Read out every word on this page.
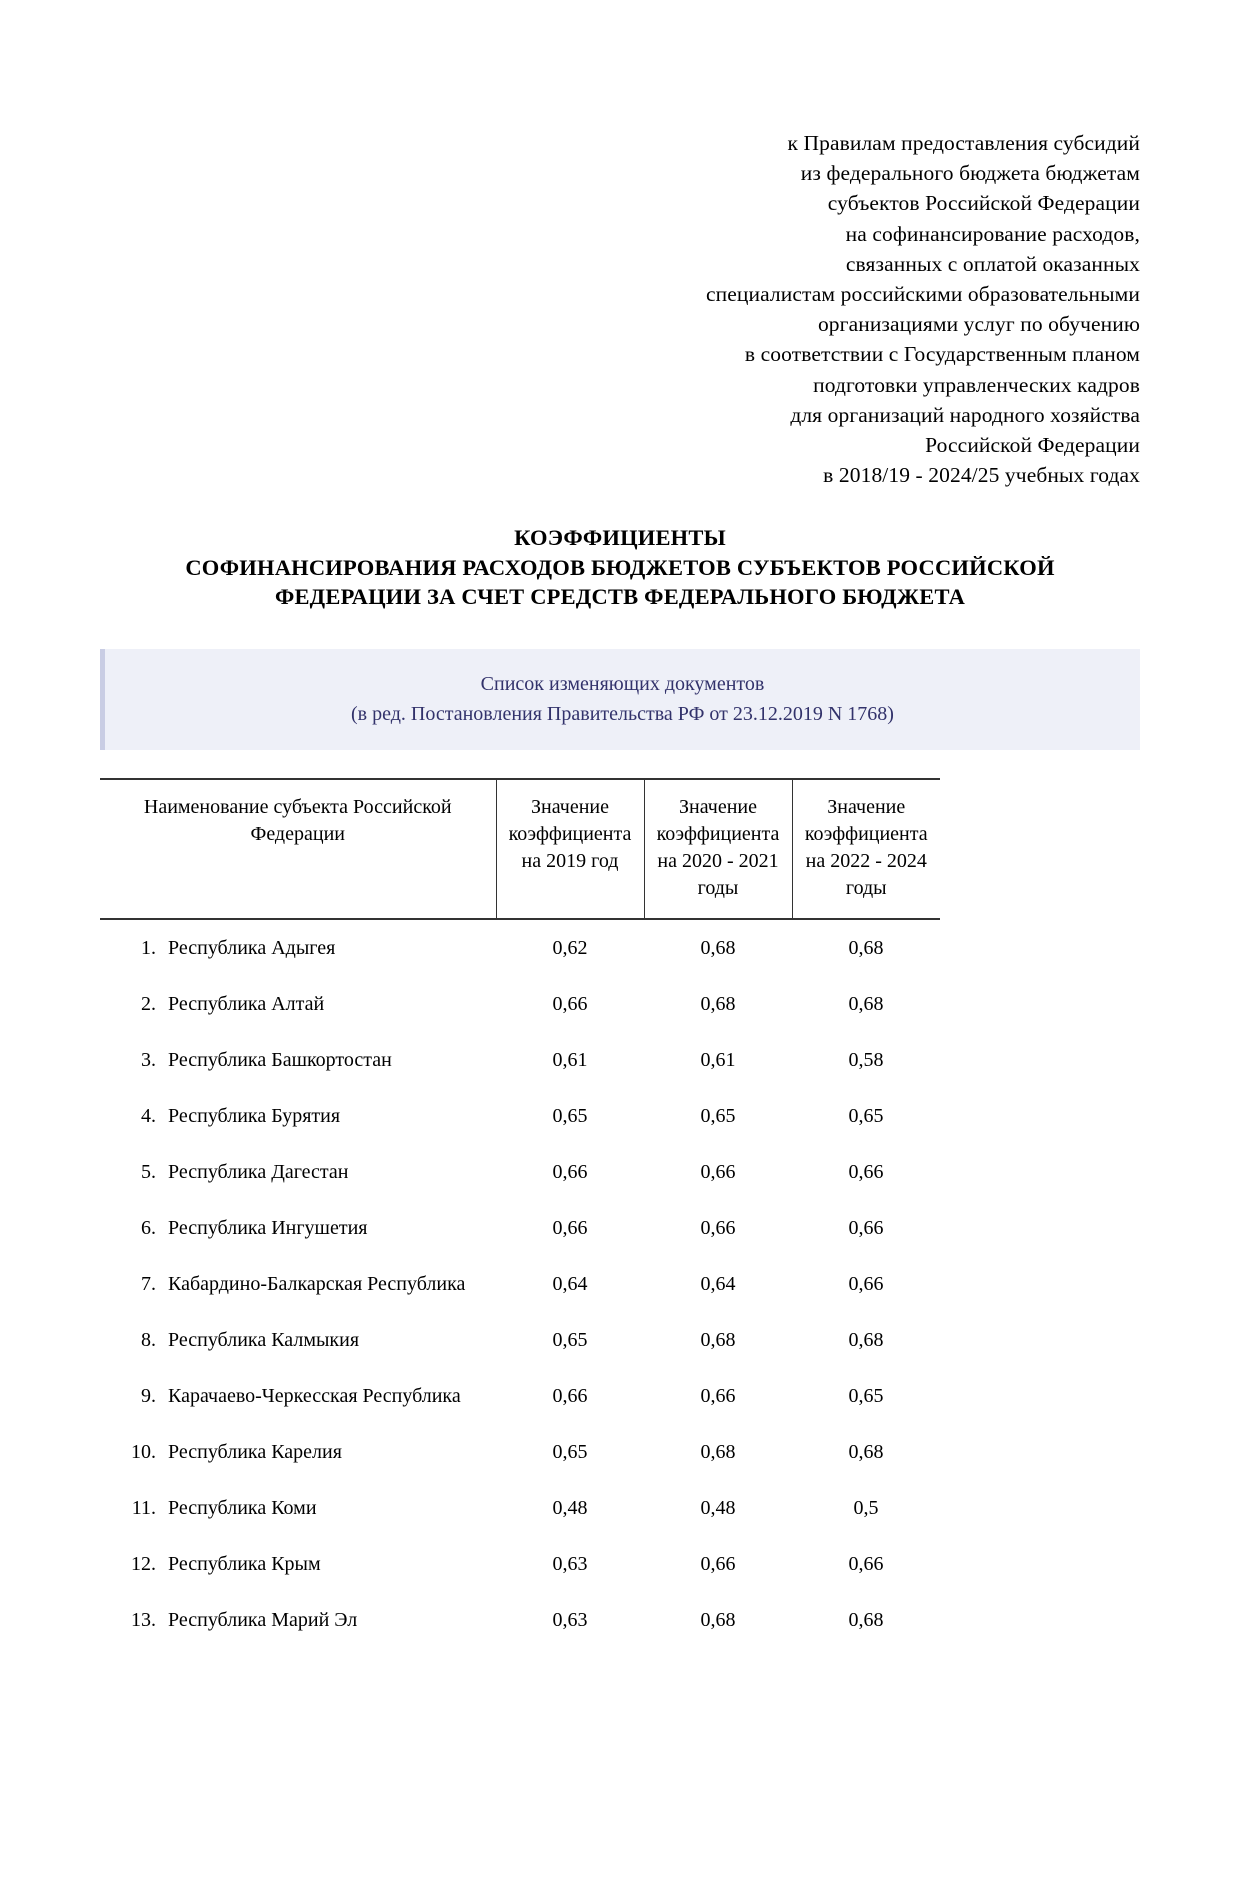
к Правилам предоставления субсидий
из федерального бюджета бюджетам
субъектов Российской Федерации
на софинансирование расходов,
связанных с оплатой оказанных
специалистам российскими образовательными
организациями услуг по обучению
в соответствии с Государственным планом
подготовки управленческих кадров
для организаций народного хозяйства
Российской Федерации
в 2018/19 - 2024/25 учебных годах
КОЭФФИЦИЕНТЫ
СОФИНАНСИРОВАНИЯ РАСХОДОВ БЮДЖЕТОВ СУБЪЕКТОВ РОССИЙСКОЙ
ФЕДЕРАЦИИ ЗА СЧЕТ СРЕДСТВ ФЕДЕРАЛЬНОГО БЮДЖЕТА
Список изменяющих документов
(в ред. Постановления Правительства РФ от 23.12.2019 N 1768)
Наименование субъекта Российской Федерации	Значение коэффициента на 2019 год	Значение коэффициента на 2020 - 2021 годы	Значение коэффициента на 2022 - 2024 годы

1. Республика Адыгея	0,62	0,68	0,68

2. Республика Алтай	0,66	0,68	0,68

3. Республика Башкортостан	0,61	0,61	0,58

4. Республика Бурятия	0,65	0,65	0,65

5. Республика Дагестан	0,66	0,66	0,66

6. Республика Ингушетия	0,66	0,66	0,66

7. Кабардино-Балкарская Республика	0,64	0,64	0,66

8. Республика Калмыкия	0,65	0,68	0,68

9. Карачаево-Черкесская Республика	0,66	0,66	0,65

10. Республика Карелия	0,65	0,68	0,68

11. Республика Коми	0,48	0,48	0,5

12. Республика Крым	0,63	0,66	0,66

13. Республика Марий Эл	0,63	0,68	0,68
